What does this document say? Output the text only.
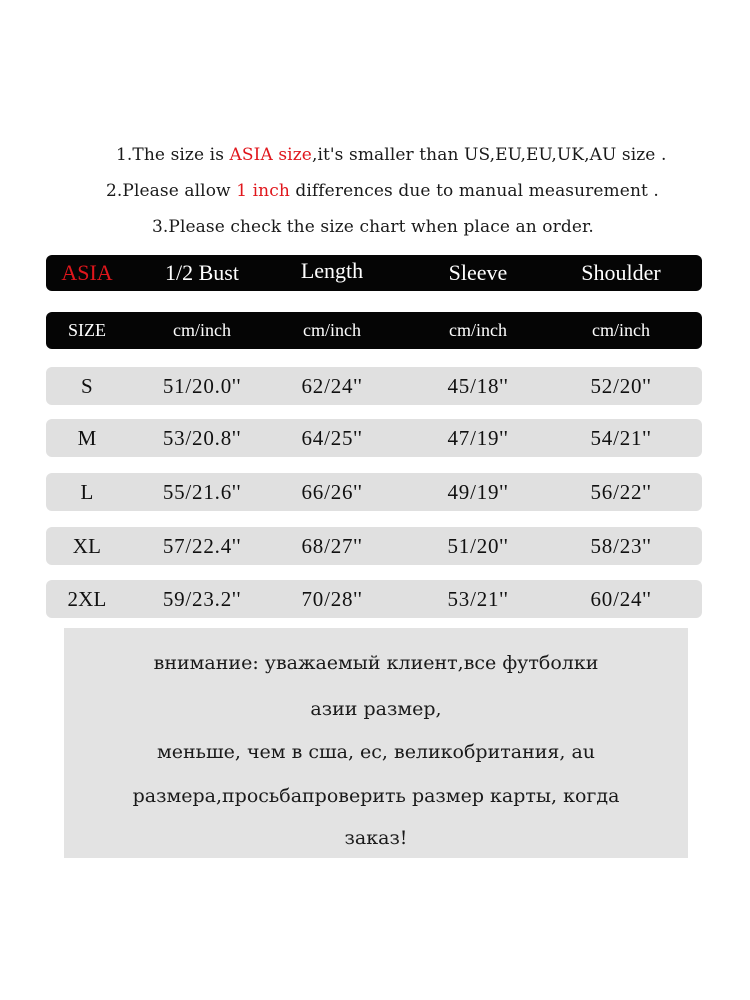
1.The size is ASIA size,it's smaller than US,EU,EU,UK,AU size .
2.Please allow 1 inch differences due to manual measurement .
3.Please check the size chart when place an order.
ASIA	1/2 Bust	Length	Sleeve	Shoulder
SIZE	cm/inch	cm/inch	cm/inch	cm/inch
S	51/20.0''	62/24''	45/18''	52/20''
M	53/20.8''	64/25''	47/19''	54/21''
L	55/21.6''	66/26''	49/19''	56/22''
XL	57/22.4''	68/27''	51/20''	58/23''
2XL	59/23.2''	70/28''	53/21''	60/24''
внимание: уважаемый клиент,все футболки
азии размер,
меньше, чем в сша, ес, великобритания, au
размера,просьбапроверить размер карты, когда
заказ!
